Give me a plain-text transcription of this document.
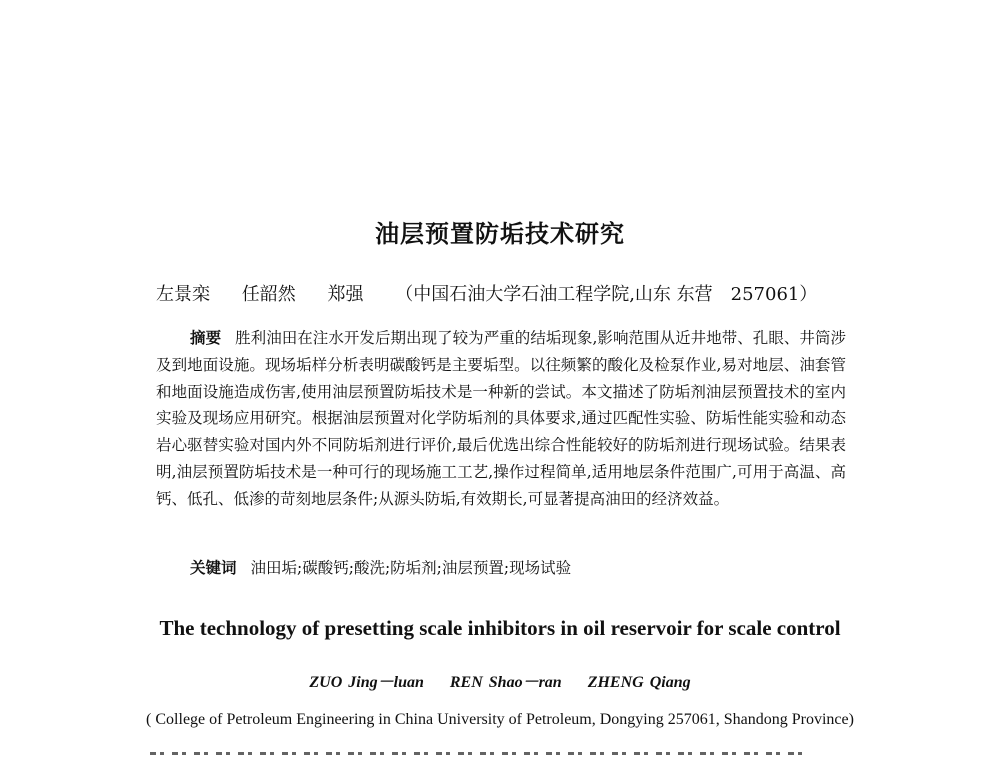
油层预置防垢技术研究
左景栾 任韶然 郑强 （中国石油大学石油工程学院,山东 东营　257061）
摘要 胜利油田在注水开发后期出现了较为严重的结垢现象,影响范围从近井地带、孔眼、井筒涉及到地面设施。现场垢样分析表明碳酸钙是主要垢型。以往频繁的酸化及检泵作业,易对地层、油套管和地面设施造成伤害,使用油层预置防垢技术是一种新的尝试。本文描述了防垢剂油层预置技术的室内实验及现场应用研究。根据油层预置对化学防垢剂的具体要求,通过匹配性实验、防垢性能实验和动态岩心驱替实验对国内外不同防垢剂进行评价,最后优选出综合性能较好的防垢剂进行现场试验。结果表明,油层预置防垢技术是一种可行的现场施工工艺,操作过程简单,适用地层条件范围广,可用于高温、高钙、低孔、低渗的苛刻地层条件;从源头防垢,有效期长,可显著提高油田的经济效益。
关键词 油田垢;碳酸钙;酸洗;防垢剂;油层预置;现场试验
The technology of presetting scale inhibitors in oil reservoir for scale control
ZUO Jing－luan REN Shao－ran ZHENG Qiang
( College of Petroleum Engineering in China University of Petroleum, Dongying 257061, Shandong Province)
